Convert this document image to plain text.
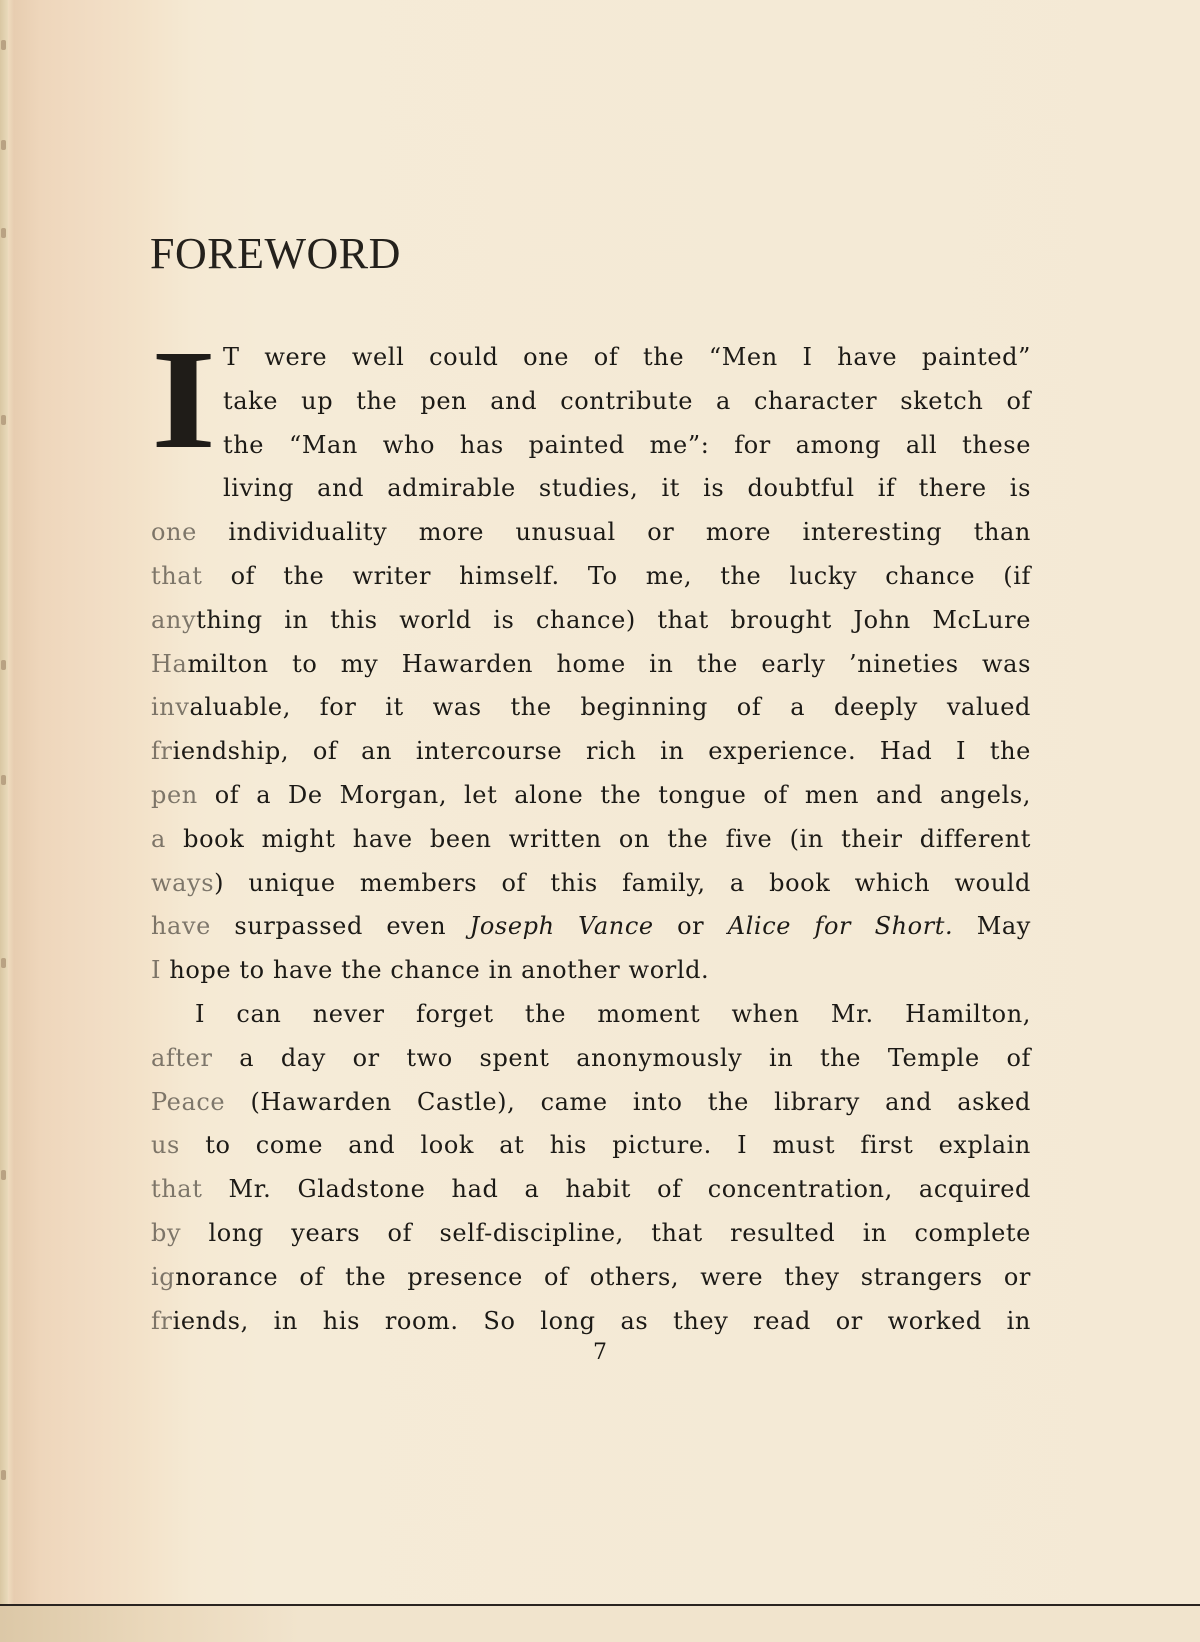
FOREWORD
I T were well could one of the “Men I have painted”
take up the pen and contribute a character sketch of
the “Man who has painted me”: for among all these
living and admirable studies, it is doubtful if there is
one individuality more unusual or more interesting than
that of the writer himself. To me, the lucky chance (if
anything in this world is chance) that brought John McLure
Hamilton to my Hawarden home in the early ’nineties was
invaluable, for it was the beginning of a deeply valued
friendship, of an intercourse rich in experience. Had I the
pen of a De Morgan, let alone the tongue of men and angels,
a book might have been written on the five (in their different
ways) unique members of this family, a book which would
have surpassed even Joseph Vance or Alice for Short. May
I hope to have the chance in another world.
I can never forget the moment when Mr. Hamilton,
after a day or two spent anonymously in the Temple of
Peace (Hawarden Castle), came into the library and asked
us to come and look at his picture. I must first explain
that Mr. Gladstone had a habit of concentration, acquired
by long years of self-discipline, that resulted in complete
ignorance of the presence of others, were they strangers or
friends, in his room. So long as they read or worked in
7
